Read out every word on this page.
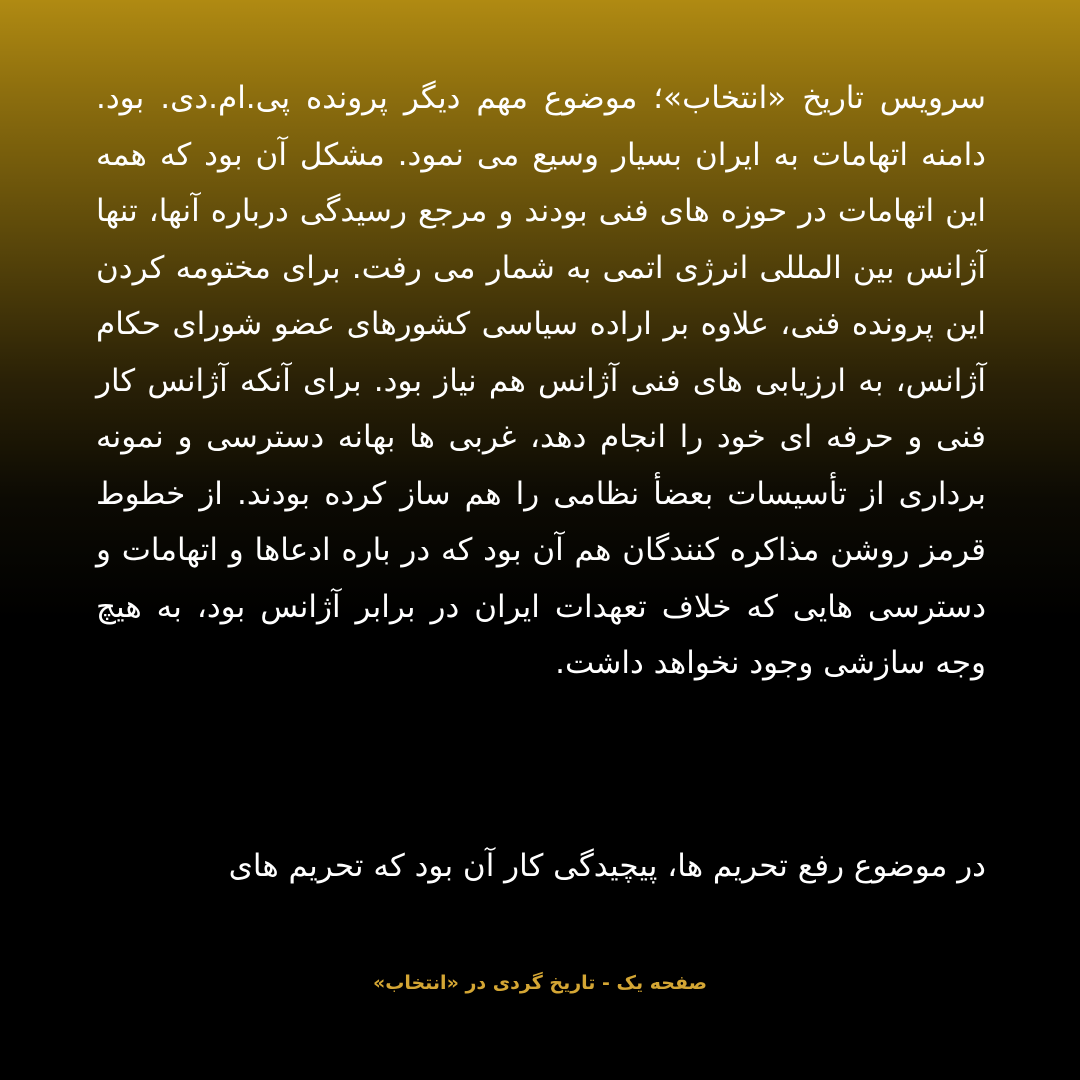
سرویس تاریخ «انتخاب»؛ موضوع مهم دیگر پرونده پی.ام.دی. بود. دامنه اتهامات به ایران بسیار وسیع می نمود. مشکل آن بود که همه این اتهامات در حوزه های فنی بودند و مرجع رسیدگی درباره آنها، تنها آژانس بین المللی انرژی اتمی به شمار می رفت. برای مختومه کردن این پرونده فنی، علاوه بر اراده سیاسی کشورهای عضو شورای حکام آژانس، به ارزیابی های فنی آژانس هم نیاز بود. برای آنکه آژانس کار فنی و حرفه ای خود را انجام دهد، غربی ها بهانه دسترسی و نمونه برداری از تأسیسات بعضأ نظامی را هم ساز کرده بودند. از خطوط قرمز روشن مذاکره کنندگان هم آن بود که در باره ادعاها و اتهامات و دسترسی هایی که خلاف تعهدات ایران در برابر آژانس بود، به هیچ وجه سازشی وجود نخواهد داشت.

در موضوع رفع تحریم ها، پیچیدگی کار آن بود که تحریم های

صفحه یک - تاریخ گردی در «انتخاب»
